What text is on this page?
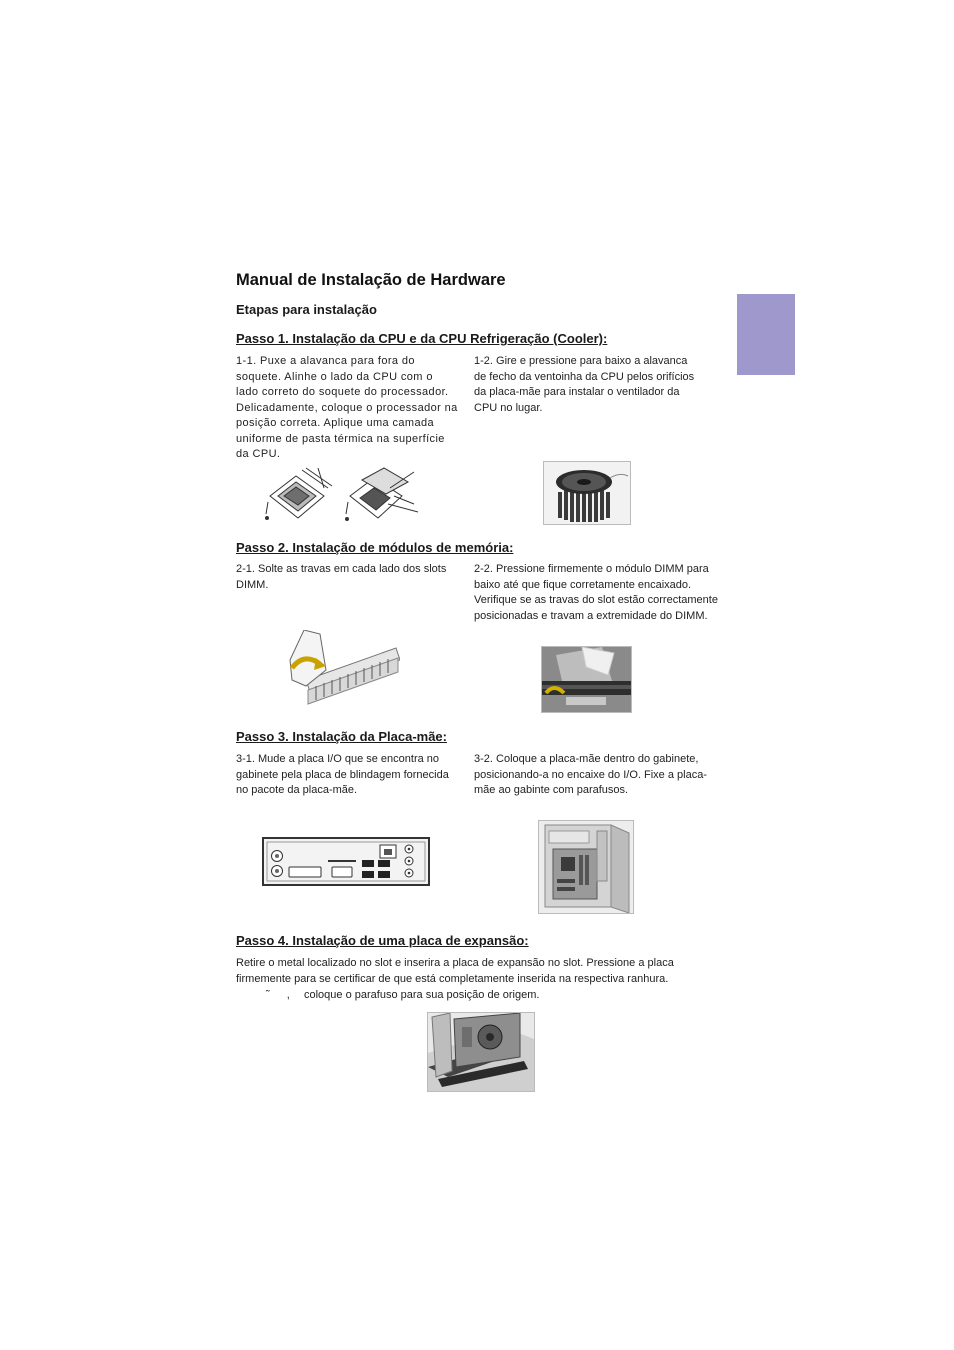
Manual de Instalação de Hardware
Etapas para instalação
Passo 1. Instalação da CPU e da CPU Refrigeração (Cooler):
1-1. Puxe a alavanca para fora do soquete. Alinhe o lado da CPU com o lado correto do soquete do processador. Delicadamente, coloque o processador na posição correta. Aplique uma camada uniforme de pasta térmica na superfície da CPU.
1-2. Gire e pressione para baixo a alavanca de fecho da ventoinha da CPU pelos orifícios da placa-mãe para instalar o ventilador da CPU no lugar.
Passo 2. Instalação de módulos de memória:
2-1. Solte as travas em cada lado dos slots DIMM.
2-2. Pressione firmemente o módulo DIMM para baixo até que fique corretamente encaixado. Verifique se as travas do slot estão correctamente posicionadas e travam a extremidade do DIMM.
Passo 3. Instalação da Placa-mãe:
3-1. Mude a placa I/O que se encontra no gabinete pela placa de blindagem fornecida no pacote da placa-mãe.
3-2. Coloque a placa-mãe dentro do gabinete, posicionando-a no encaixe do I/O. Fixe a placa-mãe ao gabinte com parafusos.
Passo 4. Instalação de uma placa de expansão:
Retire o metal localizado no slot e inserira a placa de expansão no slot. Pressione a placa
firmemente para se certificar de que está completamente inserida na respectiva ranhura.
˜ , coloque o parafuso para sua posição de origem.
